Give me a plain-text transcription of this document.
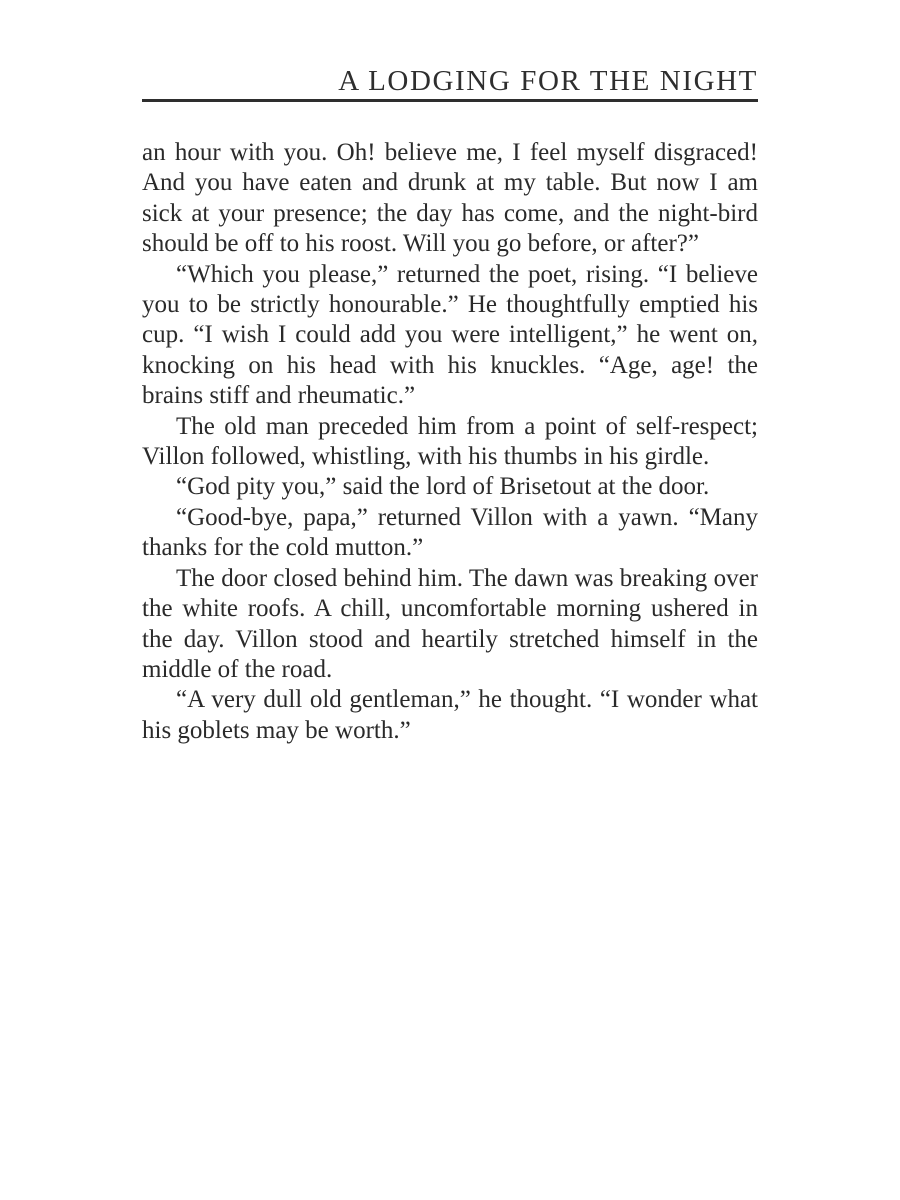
A LODGING FOR THE NIGHT

an hour with you. Oh! believe me, I feel myself disgraced! And you have eaten and drunk at my table. But now I am sick at your presence; the day has come, and the night-bird should be off to his roost. Will you go before, or after?”

“Which you please,” returned the poet, rising. “I believe you to be strictly honourable.” He thoughtfully emptied his cup. “I wish I could add you were intelligent,” he went on, knocking on his head with his knuckles. “Age, age! the brains stiff and rheumatic.”

The old man preceded him from a point of self-respect; Villon followed, whistling, with his thumbs in his girdle.

“God pity you,” said the lord of Brisetout at the door.

“Good-bye, papa,” returned Villon with a yawn. “Many thanks for the cold mutton.”

The door closed behind him. The dawn was breaking over the white roofs. A chill, uncomfortable morning ushered in the day. Villon stood and heartily stretched himself in the middle of the road.

“A very dull old gentleman,” he thought. “I wonder what his goblets may be worth.”
